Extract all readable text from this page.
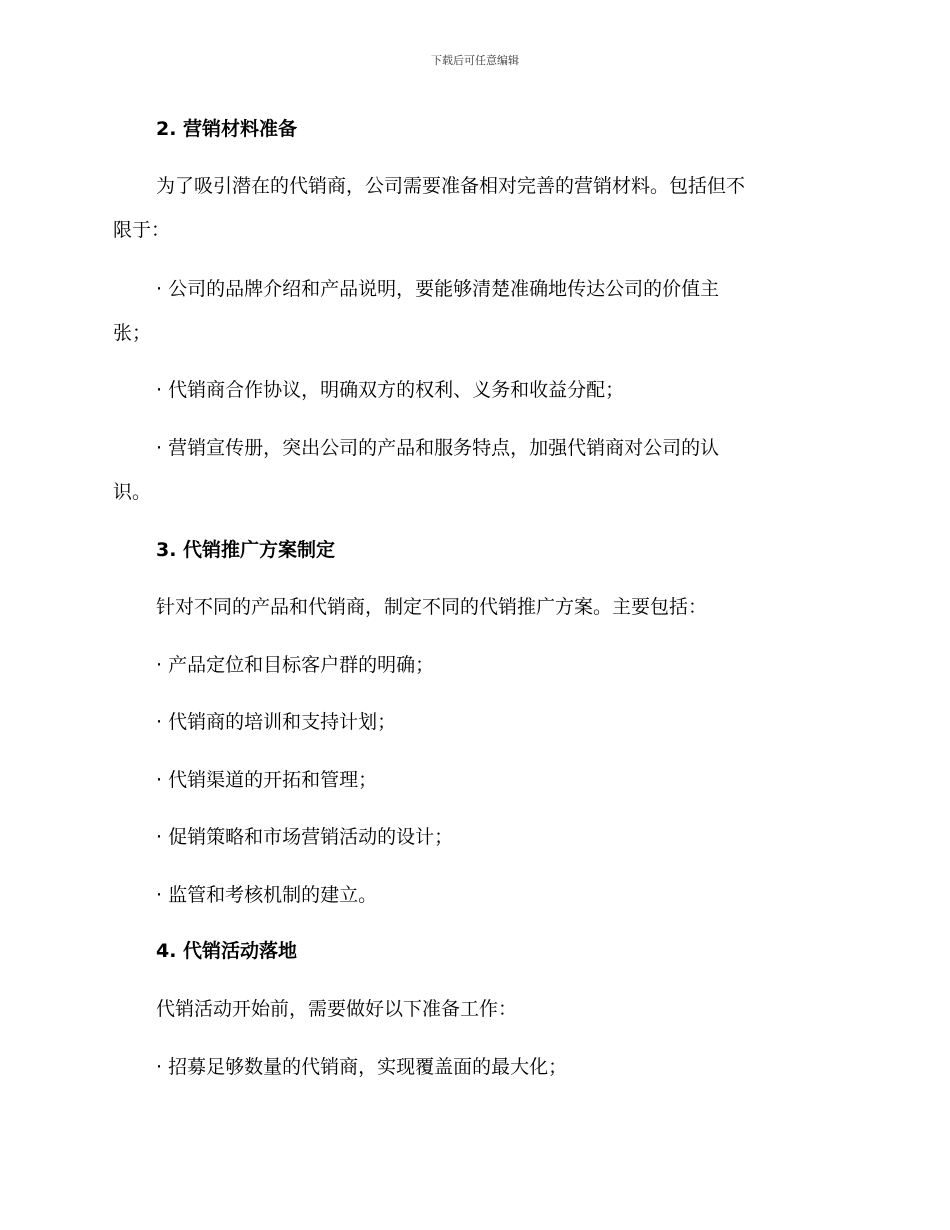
下载后可任意编辑
2. 营销材料准备
为了吸引潜在的代销商，公司需要准备相对完善的营销材料。包括但不
限于：
· 公司的品牌介绍和产品说明，要能够清楚准确地传达公司的价值主
张；
· 代销商合作协议，明确双方的权利、义务和收益分配；
· 营销宣传册，突出公司的产品和服务特点，加强代销商对公司的认
识。
3. 代销推广方案制定
针对不同的产品和代销商，制定不同的代销推广方案。主要包括：
· 产品定位和目标客户群的明确；
· 代销商的培训和支持计划；
· 代销渠道的开拓和管理；
· 促销策略和市场营销活动的设计；
· 监管和考核机制的建立。
4. 代销活动落地
代销活动开始前，需要做好以下准备工作：
· 招募足够数量的代销商，实现覆盖面的最大化；
